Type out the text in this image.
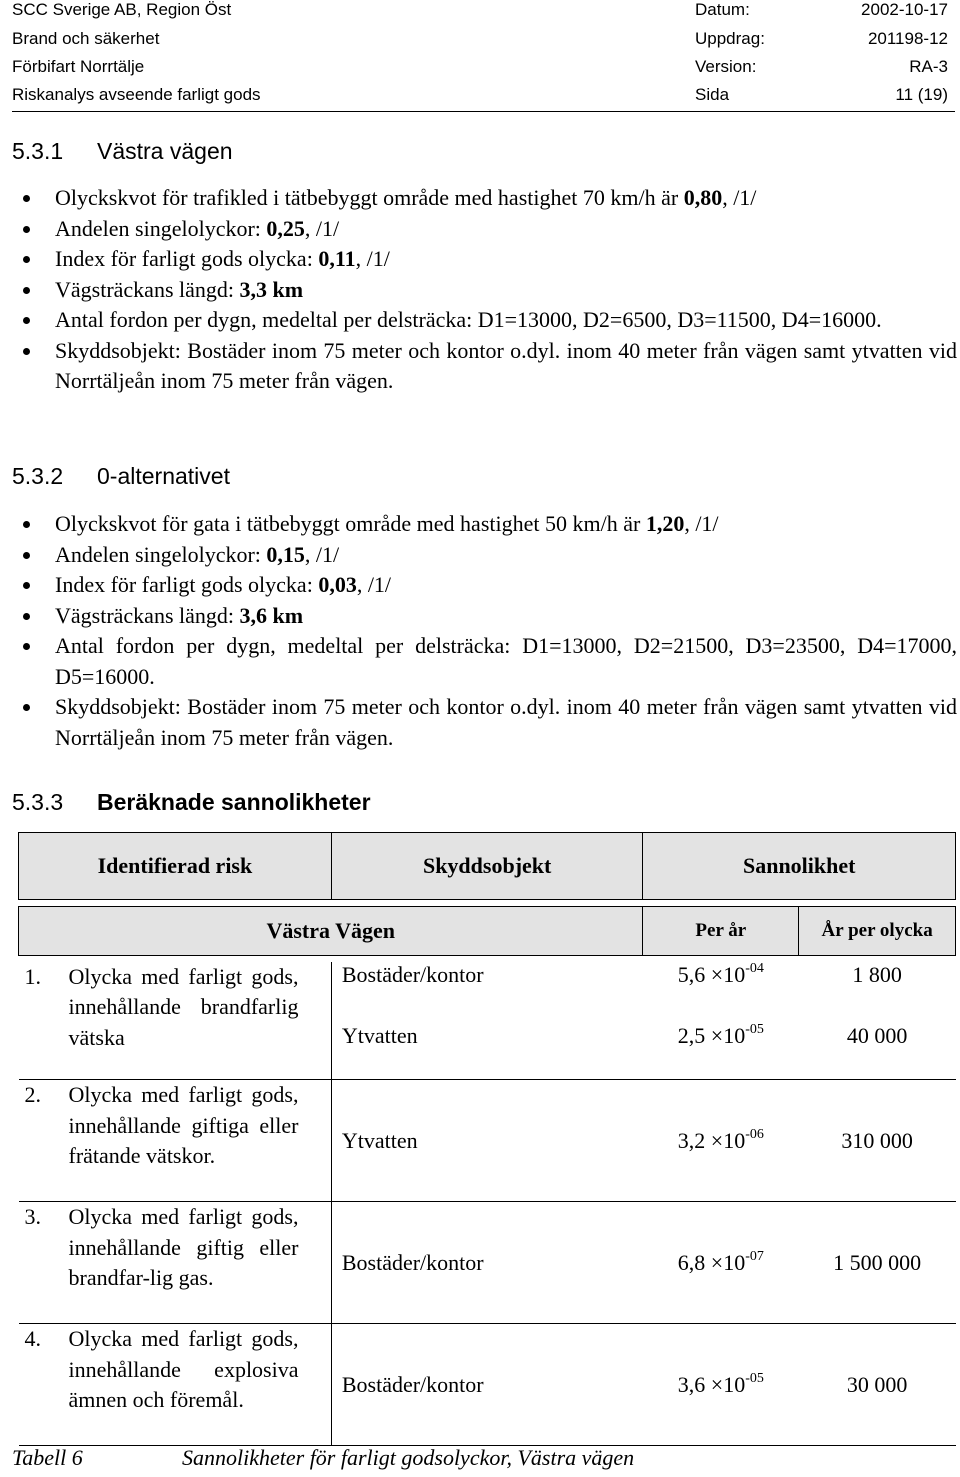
SCC Sverige AB, Region Öst	Datum:	2002-10-17
Brand och säkerhet	Uppdrag:	201198-12
Förbifart Norrtälje	Version:	RA-3
Riskanalys avseende farligt gods	Sida	11 (19)
5.3.1 Västra vägen
Olyckskvot för trafikled i tätbebyggt område med hastighet 70 km/h är 0,80, /1/
Andelen singelolyckor: 0,25, /1/
Index för farligt gods olycka: 0,11, /1/
Vägsträckans längd: 3,3 km
Antal fordon per dygn, medeltal per delsträcka: D1=13000, D2=6500, D3=11500, D4=16000.
Skyddsobjekt: Bostäder inom 75 meter och kontor o.dyl. inom 40 meter från vägen samt ytvatten vid Norrtäljeån inom 75 meter från vägen.
5.3.2 0-alternativet
Olyckskvot för gata i tätbebyggt område med hastighet 50 km/h är 1,20, /1/
Andelen singelolyckor: 0,15, /1/
Index för farligt gods olycka: 0,03, /1/
Vägsträckans längd: 3,6 km
Antal fordon per dygn, medeltal per delsträcka: D1=13000, D2=21500, D3=23500, D4=17000, D5=16000.
Skyddsobjekt: Bostäder inom 75 meter och kontor o.dyl. inom 40 meter från vägen samt ytvatten vid Norrtäljeån inom 75 meter från vägen.
5.3.3 Beräknade sannolikheter
Identifierad risk	Skyddsobjekt	Sannolikhet	

Västra Vägen		Per år	År per olycka

1. Olycka med farligt gods, innehållande brandfarlig vätska	Bostäder/kontor	$5,6 \times 10^{-04}$	1 800
	Ytvatten	$2,5 \times 10^{-05}$	40 000
2. Olycka med farligt gods, innehållande giftiga eller frätande vätskor.	Ytvatten	$3,2 \times 10^{-06}$	310 000
3. Olycka med farligt gods, innehållande giftig eller brandfar-lig gas.	Bostäder/kontor	$6,8 \times 10^{-07}$	1 500 000
4. Olycka med farligt gods, innehållande explosiva ämnen och föremål.	Bostäder/kontor	$3,6 \times 10^{-05}$	30 000
Tabell 6	Sannolikheter för farligt godsolyckor, Västra vägen
